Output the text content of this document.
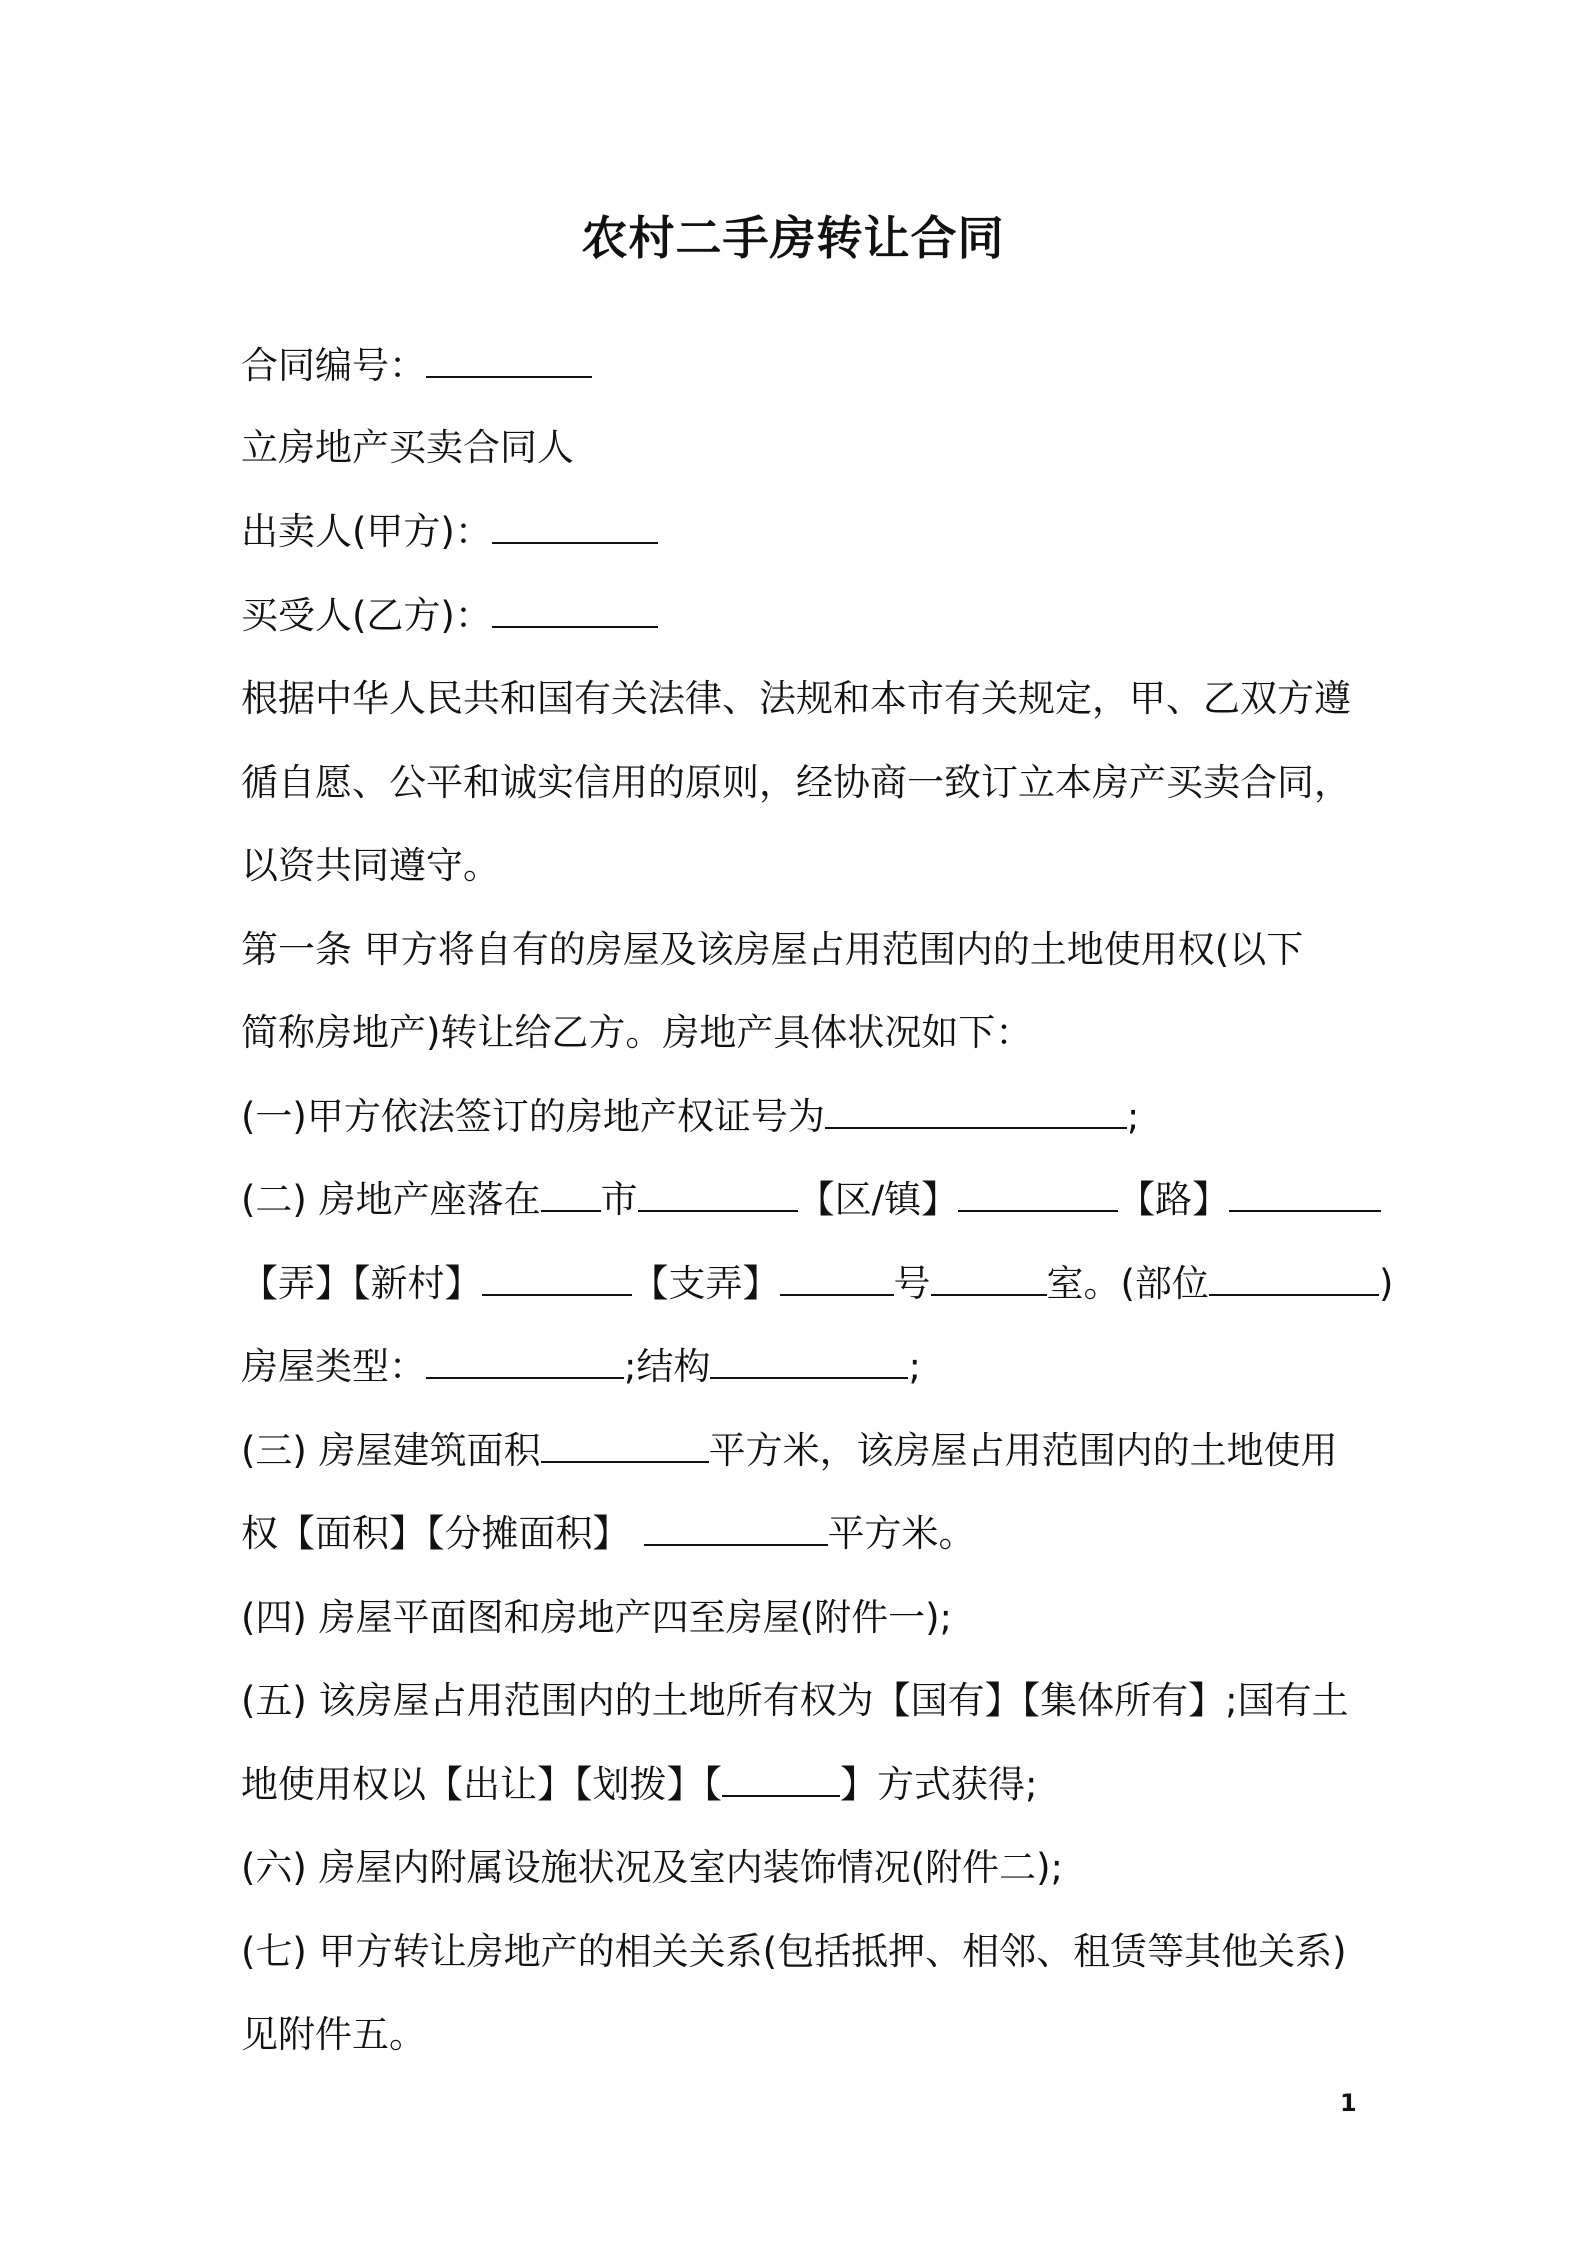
农村二手房转让合同
合同编号：
立房地产买卖合同人
出卖人(甲方)：
买受人(乙方)：
根据中华人民共和国有关法律、法规和本市有关规定，甲、乙双方遵
循自愿、公平和诚实信用的原则，经协商一致订立本房产买卖合同，
以资共同遵守。
第一条 甲方将自有的房屋及该房屋占用范围内的土地使用权(以下
简称房地产)转让给乙方。房地产具体状况如下：
(一)甲方依法签订的房地产权证号为	;
(二) 房地产座落在 市	【区/镇】	【路】
【弄】【新村】	【支弄】	号	室。(部位	)
房屋类型：	;结构	;
(三) 房屋建筑面积	平方米，该房屋占用范围内的土地使用
权【面积】【分摊面积】	平方米。
(四) 房屋平面图和房地产四至房屋(附件一);
(五) 该房屋占用范围内的土地所有权为【国有】【集体所有】;国有土
地使用权以【出让】【划拨】【	】方式获得;
(六) 房屋内附属设施状况及室内装饰情况(附件二);
(七) 甲方转让房地产的相关关系(包括抵押、相邻、租赁等其他关系)
见附件五。
1
